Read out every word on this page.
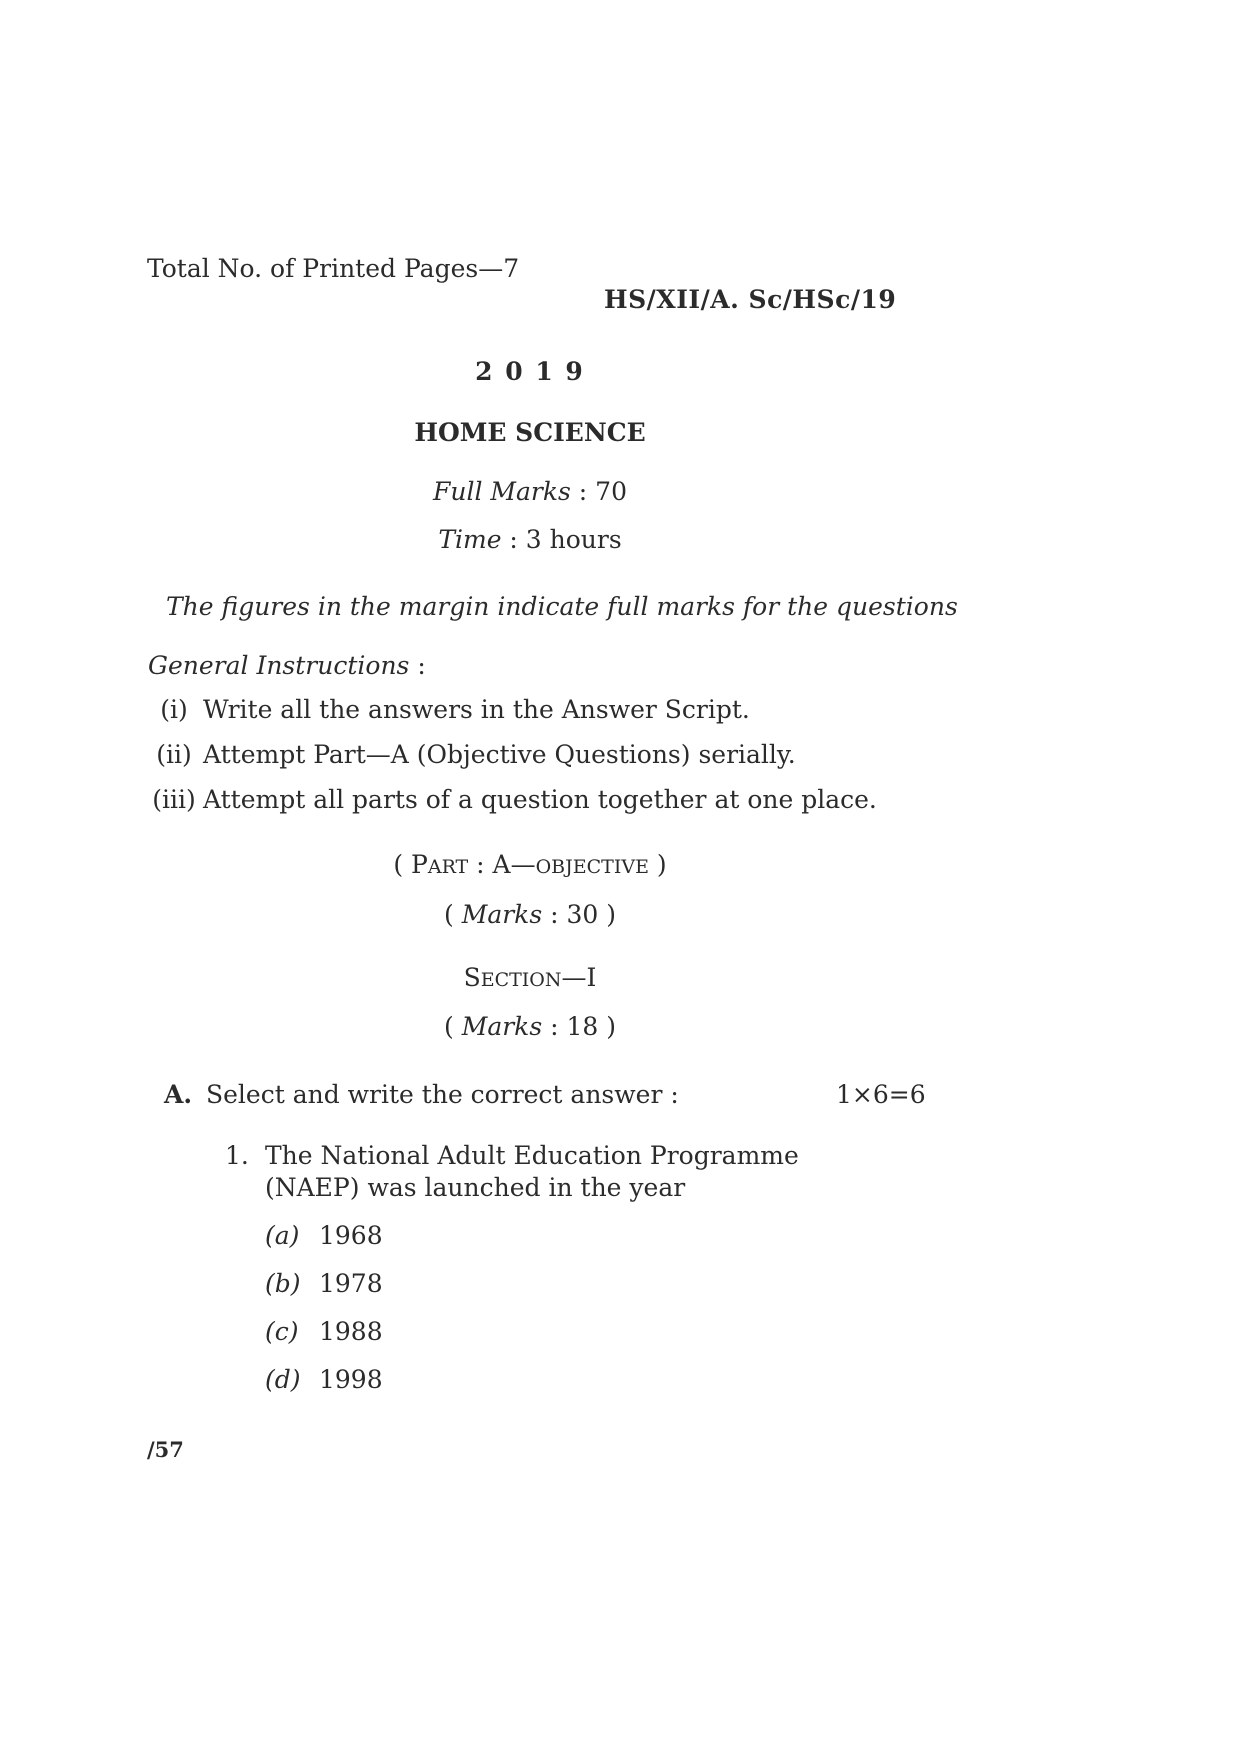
Total No. of Printed Pages—7
HS/XII/A. Sc/HSc/19
2 0 1 9
HOME SCIENCE
Full Marks : 70
Time : 3 hours
The figures in the margin indicate full marks for the questions
General Instructions :
(i) Write all the answers in the Answer Script.
(ii) Attempt Part—A (Objective Questions) serially.
(iii) Attempt all parts of a question together at one place.
( PART : A—OBJECTIVE )
( Marks : 30 )
SECTION—I
( Marks : 18 )
A. Select and write the correct answer :	1×6=6
1. The National Adult Education Programme
(NAEP) was launched in the year
(a) 1968
(b) 1978
(c) 1988
(d) 1998
/57
